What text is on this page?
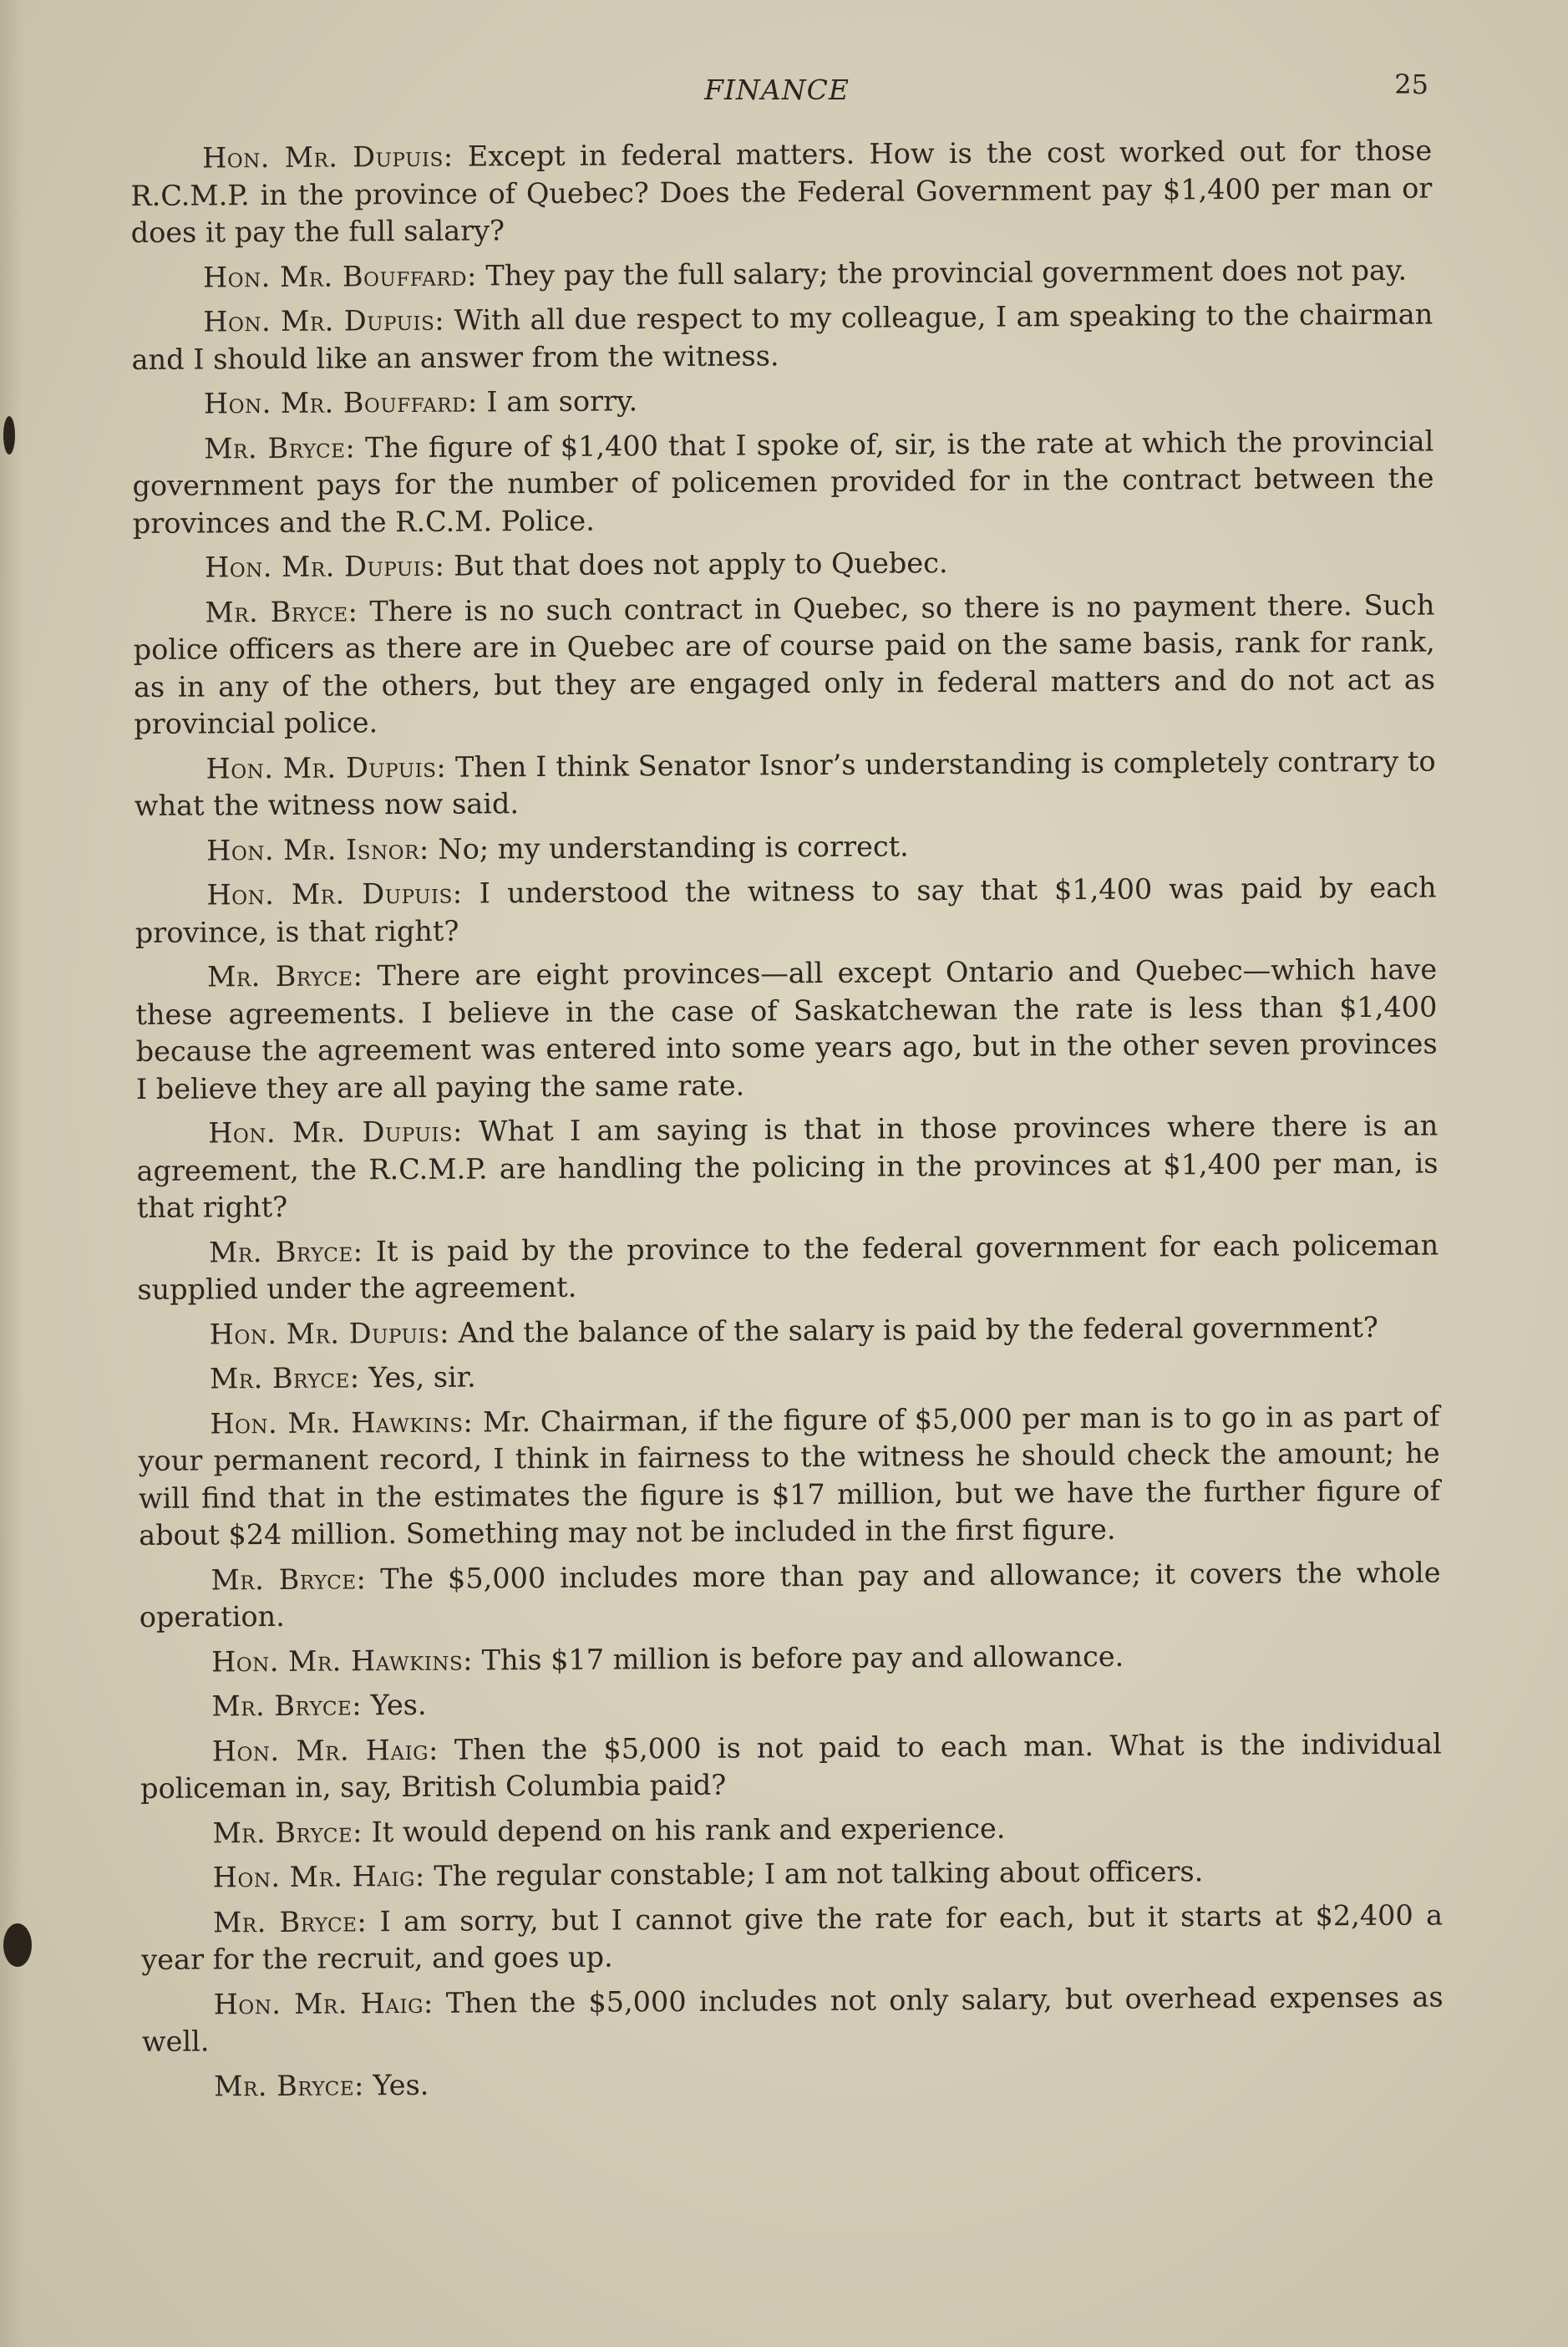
FINANCE	25

Hon. Mr. Dupuis: Except in federal matters. How is the cost worked out for those R.C.M.P. in the province of Quebec? Does the Federal Government pay $1,400 per man or does it pay the full salary?

Hon. Mr. Bouffard: They pay the full salary; the provincial government does not pay.

Hon. Mr. Dupuis: With all due respect to my colleague, I am speaking to the chairman and I should like an answer from the witness.

Hon. Mr. Bouffard: I am sorry.

Mr. Bryce: The figure of $1,400 that I spoke of, sir, is the rate at which the provincial government pays for the number of policemen provided for in the contract between the provinces and the R.C.M. Police.

Hon. Mr. Dupuis: But that does not apply to Quebec.

Mr. Bryce: There is no such contract in Quebec, so there is no payment there. Such police officers as there are in Quebec are of course paid on the same basis, rank for rank, as in any of the others, but they are engaged only in federal matters and do not act as provincial police.

Hon. Mr. Dupuis: Then I think Senator Isnor’s understanding is completely contrary to what the witness now said.

Hon. Mr. Isnor: No; my understanding is correct.

Hon. Mr. Dupuis: I understood the witness to say that $1,400 was paid by each province, is that right?

Mr. Bryce: There are eight provinces—all except Ontario and Quebec—which have these agreements. I believe in the case of Saskatchewan the rate is less than $1,400 because the agreement was entered into some years ago, but in the other seven provinces I believe they are all paying the same rate.

Hon. Mr. Dupuis: What I am saying is that in those provinces where there is an agreement, the R.C.M.P. are handling the policing in the provinces at $1,400 per man, is that right?

Mr. Bryce: It is paid by the province to the federal government for each policeman supplied under the agreement.

Hon. Mr. Dupuis: And the balance of the salary is paid by the federal government?

Mr. Bryce: Yes, sir.

Hon. Mr. Hawkins: Mr. Chairman, if the figure of $5,000 per man is to go in as part of your permanent record, I think in fairness to the witness he should check the amount; he will find that in the estimates the figure is $17 million, but we have the further figure of about $24 million. Something may not be included in the first figure.

Mr. Bryce: The $5,000 includes more than pay and allowance; it covers the whole operation.

Hon. Mr. Hawkins: This $17 million is before pay and allowance.

Mr. Bryce: Yes.

Hon. Mr. Haig: Then the $5,000 is not paid to each man. What is the individual policeman in, say, British Columbia paid?

Mr. Bryce: It would depend on his rank and experience.

Hon. Mr. Haig: The regular constable; I am not talking about officers.

Mr. Bryce: I am sorry, but I cannot give the rate for each, but it starts at $2,400 a year for the recruit, and goes up.

Hon. Mr. Haig: Then the $5,000 includes not only salary, but overhead expenses as well.

Mr. Bryce: Yes.
